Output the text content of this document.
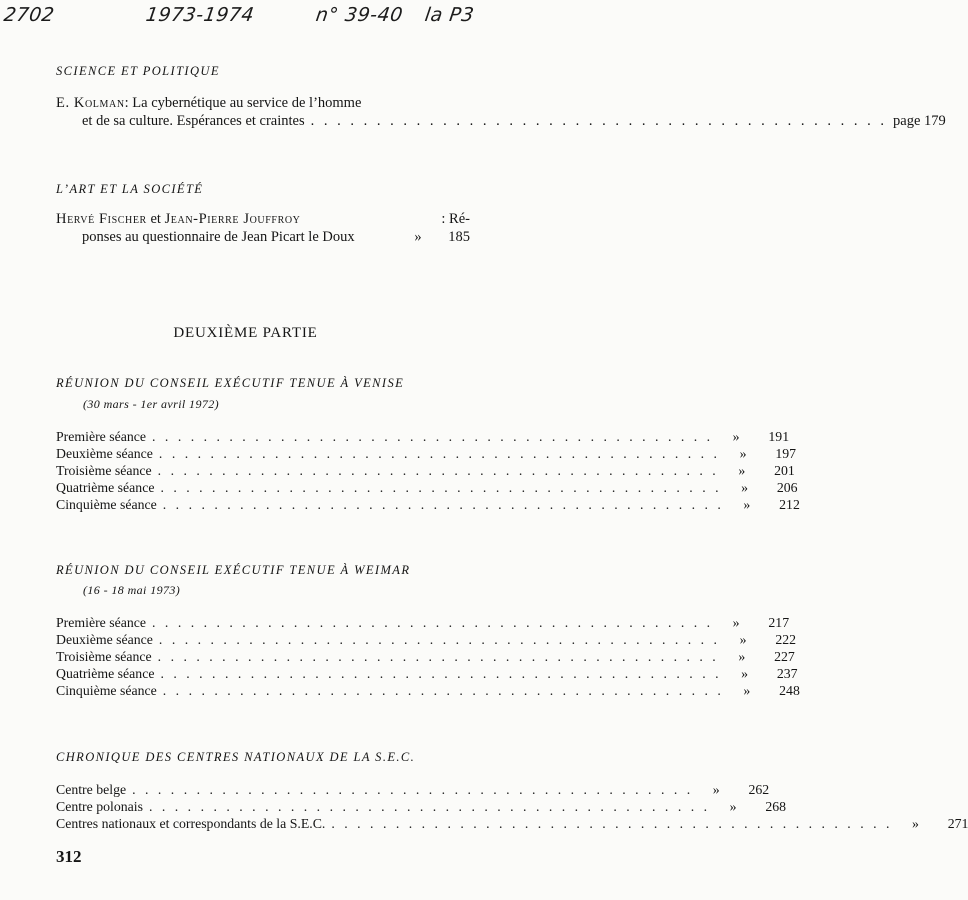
2702	1973-1974	n° 39-40 la P3
SCIENCE ET POLITIQUE
E. Kolman : La cybernétique au service de l’homme
et de sa culture. Espérances et craintes . . . . . . . . . . . . . . . . . . . . . . . . . . . . . . . . . . . . . . . . . . . . page 179
L’ART ET LA SOCIÉTÉ
Hervé Fischer et Jean-Pierre Jouffroy	: Ré-
ponses au questionnaire de Jean Picart le Doux	»	185
DEUXIÈME PARTIE
RÉUNION DU CONSEIL EXÉCUTIF TENUE À VENISE
(30 mars - 1er avril 1972)
Première séance . . . . . . . . . . . . . . . . . . . . . . . . . . . . . . . . . . . . . . . . . . . .	»	191
Deuxième séance . . . . . . . . . . . . . . . . . . . . . . . . . . . . . . . . . . . . . . . . . . . .	»	197
Troisième séance . . . . . . . . . . . . . . . . . . . . . . . . . . . . . . . . . . . . . . . . . . . .	»	201
Quatrième séance . . . . . . . . . . . . . . . . . . . . . . . . . . . . . . . . . . . . . . . . . . . .	»	206
Cinquième séance . . . . . . . . . . . . . . . . . . . . . . . . . . . . . . . . . . . . . . . . . . . .	»	212
RÉUNION DU CONSEIL EXÉCUTIF TENUE À WEIMAR
(16 - 18 mai 1973)
Première séance . . . . . . . . . . . . . . . . . . . . . . . . . . . . . . . . . . . . . . . . . . . .	»	217
Deuxième séance . . . . . . . . . . . . . . . . . . . . . . . . . . . . . . . . . . . . . . . . . . . .	»	222
Troisième séance . . . . . . . . . . . . . . . . . . . . . . . . . . . . . . . . . . . . . . . . . . . .	»	227
Quatrième séance . . . . . . . . . . . . . . . . . . . . . . . . . . . . . . . . . . . . . . . . . . . .	»	237
Cinquième séance . . . . . . . . . . . . . . . . . . . . . . . . . . . . . . . . . . . . . . . . . . . .	»	248
CHRONIQUE DES CENTRES NATIONAUX DE LA S.E.C.
Centre belge . . . . . . . . . . . . . . . . . . . . . . . . . . . . . . . . . . . . . . . . . . . .	»	262
Centre polonais . . . . . . . . . . . . . . . . . . . . . . . . . . . . . . . . . . . . . . . . . . . .	»	268
Centres nationaux et correspondants de la S.E.C. . . . . . . . . . . . . . . . . . . . . . . . . . . . . . . . . . . . . . . . . . . . .	»	271
312
